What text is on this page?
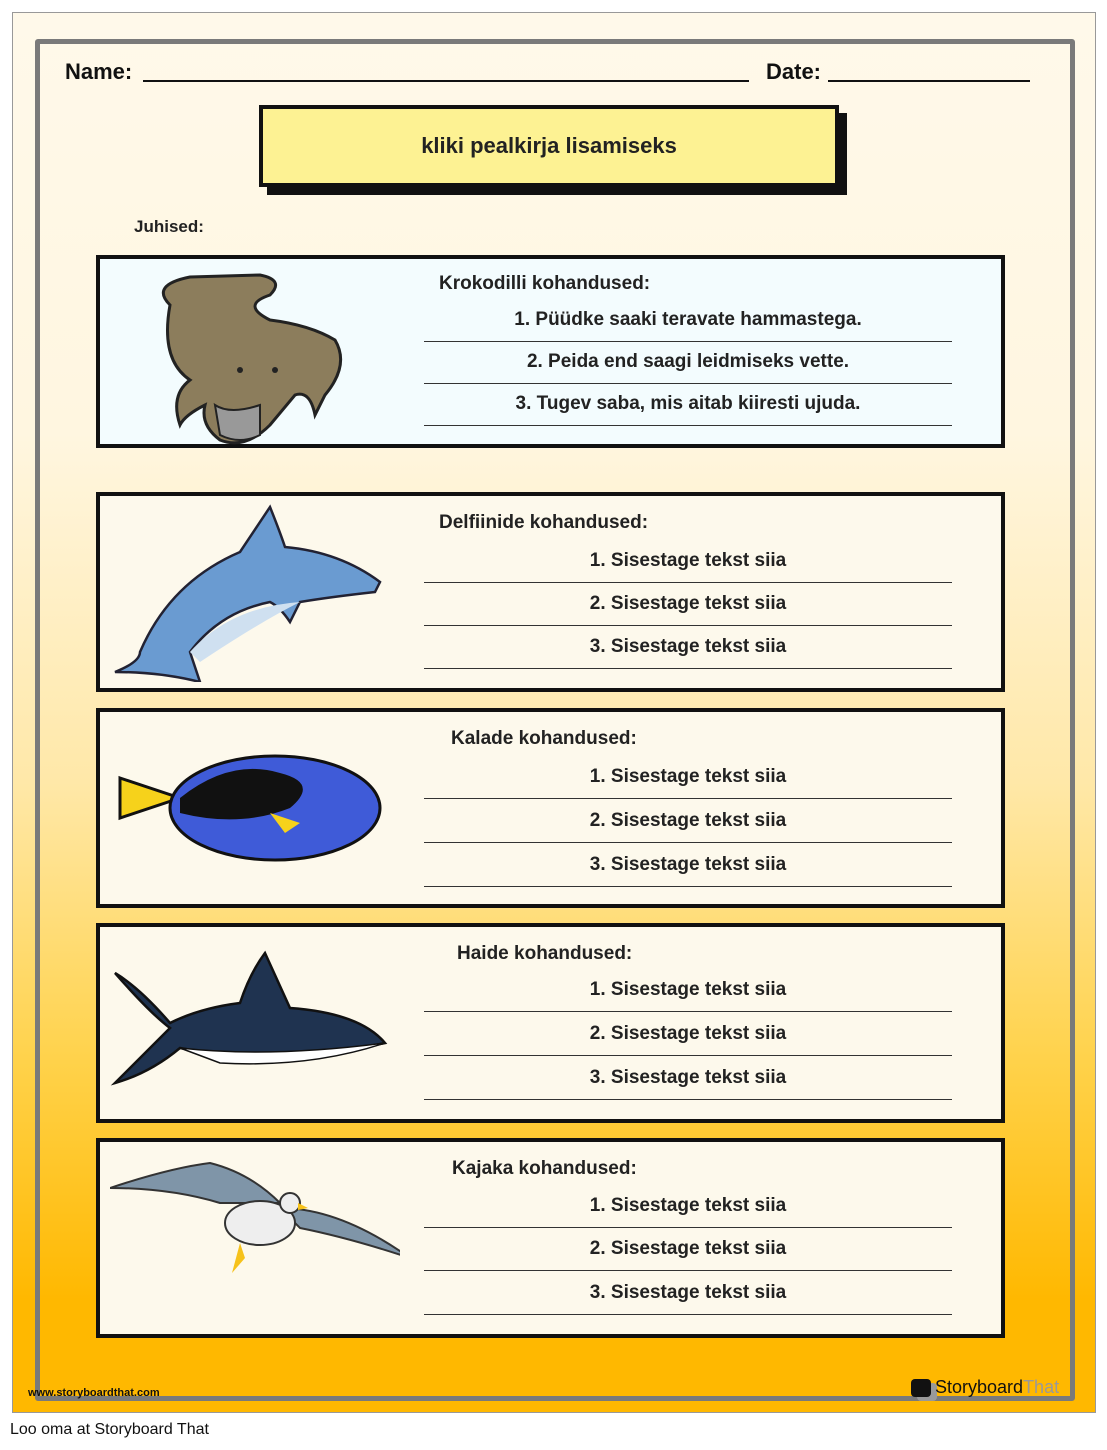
Name:	Date:
kliki pealkirja lisamiseks
Juhised:
Krokodilli kohandused:
1. Püüdke saaki teravate hammastega.
2. Peida end saagi leidmiseks vette.
3. Tugev saba, mis aitab kiiresti ujuda.
Delfiinide kohandused:
1. Sisestage tekst siia
2. Sisestage tekst siia
3. Sisestage tekst siia
Kalade kohandused:
1. Sisestage tekst siia
2. Sisestage tekst siia
3. Sisestage tekst siia
Haide kohandused:
1. Sisestage tekst siia
2. Sisestage tekst siia
3. Sisestage tekst siia
Kajaka kohandused:
1. Sisestage tekst siia
2. Sisestage tekst siia
3. Sisestage tekst siia
www.storyboardthat.com	Storyboard That
Loo oma at Storyboard That
